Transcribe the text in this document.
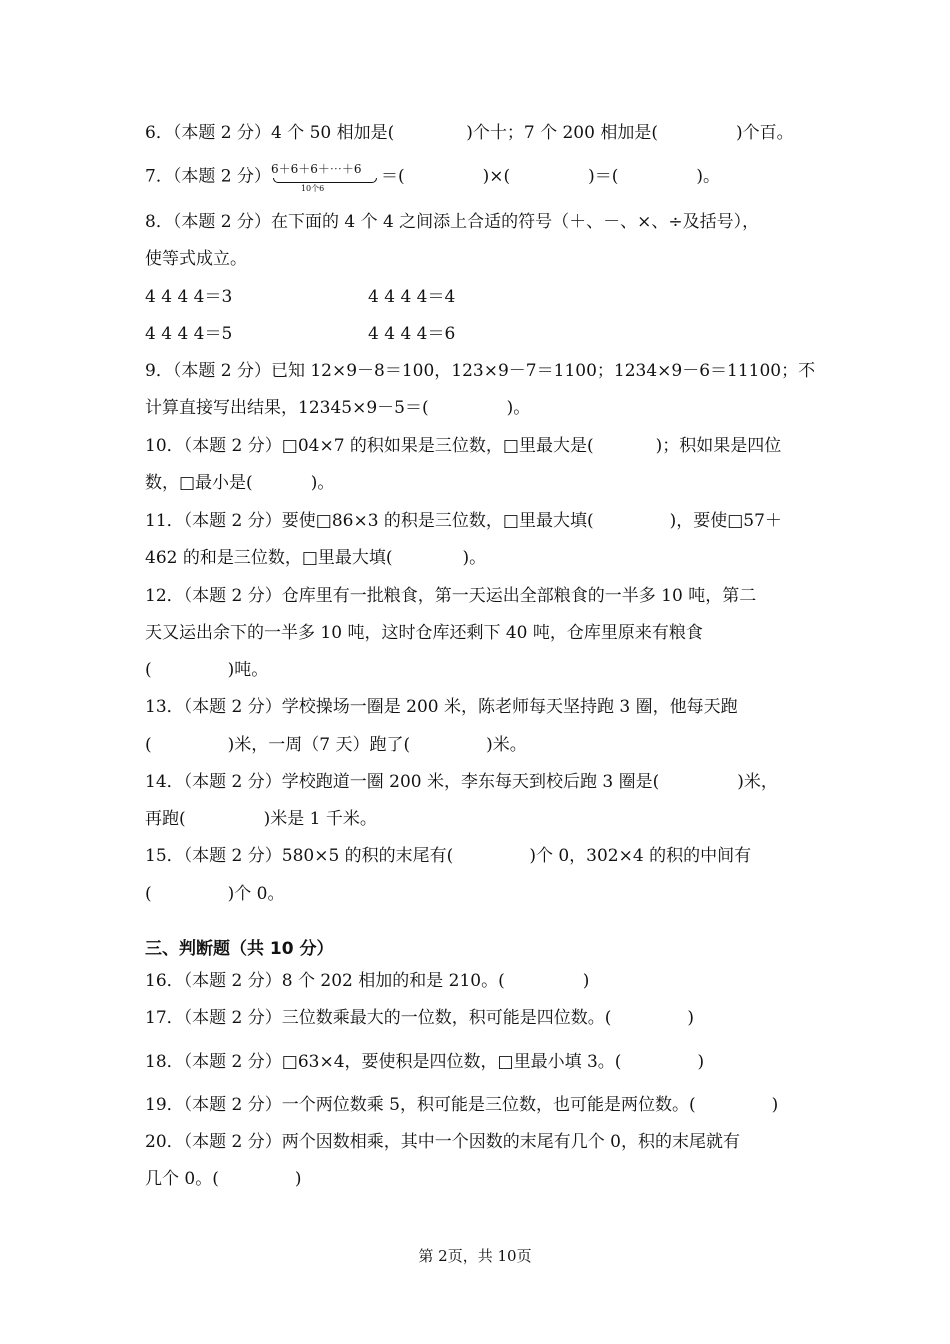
6．（本题 2 分）4 个 50 相加是(	)个十；7 个 200 相加是(	)个百。
7．（本题 2 分） 6＋6＋6＋⋯＋6
10个6
＝(	)×(	)＝(	)。
8．（本题 2 分）在下面的 4 个 4 之间添上合适的符号（＋、－、×、÷及括号），
使等式成立。
4 4 4 4＝3	4 4 4 4＝4
4 4 4 4＝5	4 4 4 4＝6
9．（本题 2 分）已知 12×9－8＝100，123×9－7＝1100；1234×9－6＝11100；不
计算直接写出结果，12345×9－5＝(	)。
10．（本题 2 分）□04×7 的积如果是三位数，□里最大是(	)；积如果是四位
数，□最小是(	)。
11．（本题 2 分）要使□86×3 的积是三位数，□里最大填(	)，要使□57＋
462 的和是三位数，□里最大填(	)。
12．（本题 2 分）仓库里有一批粮食，第一天运出全部粮食的一半多 10 吨，第二
天又运出余下的一半多 10 吨，这时仓库还剩下 40 吨，仓库里原来有粮食
(	)吨。
13．（本题 2 分）学校操场一圈是 200 米，陈老师每天坚持跑 3 圈，他每天跑
(	)米，一周（7 天）跑了(	)米。
14．（本题 2 分）学校跑道一圈 200 米，李东每天到校后跑 3 圈是(	)米，
再跑(	)米是 1 千米。
15．（本题 2 分）580×5 的积的末尾有(	)个 0，302×4 的积的中间有
(	)个 0。
三、判断题（共 10 分）
16．（本题 2 分）8 个 202 相加的和是 210。(	)
17．（本题 2 分）三位数乘最大的一位数，积可能是四位数。(	)
18．（本题 2 分）□63×4，要使积是四位数，□里最小填 3。(	)
19．（本题 2 分）一个两位数乘 5，积可能是三位数，也可能是两位数。(	)
20．（本题 2 分）两个因数相乘，其中一个因数的末尾有几个 0，积的末尾就有
几个 0。(	)
第 2页，共 10页
